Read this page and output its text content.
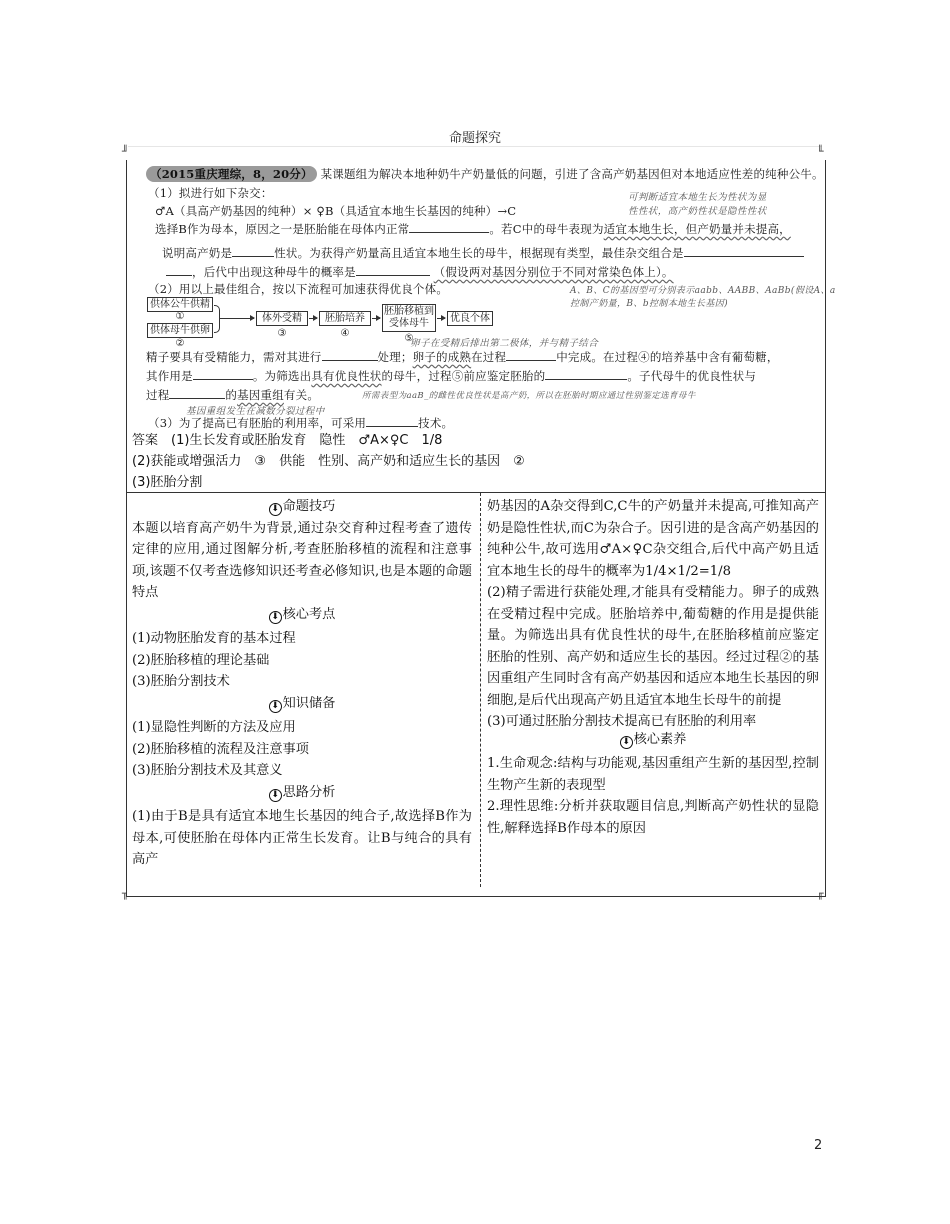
命题探究
╜	╙
╖	╓
（2015重庆理综，8，20分） 某课题组为解决本地种奶牛产奶量低的问题，引进了含高产奶基因但对本地适应性差的纯种公牛。
（1）拟进行如下杂交：
♂A（具高产奶基因的纯种）× ♀B（具适宜本地生长基因的纯种）→C
选择B作为母本，原因之一是胚胎能在母体内正常	。若C中的母牛表现为适宜本地生长，但产奶量并未提高，
说明高产奶是	性状。为获得产奶量高且适宜本地生长的母牛，根据现有类型，最佳杂交组合是
，后代中出现这种母牛的概率是	（假设两对基因分别位于不同对常染色体上）。
（2）用以上最佳组合，按以下流程可加速获得优良个体。
供体公牛供精
①
供体母牛供卵
②
体外受精
③
胚胎培养
④
胚胎移植到
受体母牛
⑤
优良个体
精子要具有受精能力，需对其进行	处理；卵子的成熟在过程	中完成。在过程④的培养基中含有葡萄糖，
其作用是	。为筛选出具有优良性状的母牛，过程⑤前应鉴定胚胎的	。子代母牛的优良性状与
过程	的基因重组有关。
（3）为了提高已有胚胎的利用率，可采用	技术。
可判断适宜本地生长为性状为显
性性状，高产奶性状是隐性性状
A、B、C的基因型可分别表示aabb、AABB、AaBb(假设A、a
控制产奶量，B、b控制本地生长基因)
卵子在受精后排出第二极体，并与精子结合
所需表型为aaB_的雌性优良性状是高产奶，所以在胚胎时期应通过性别鉴定选育母牛
基因重组发生在减数分裂过程中
答案　(1)生长发育或胚胎发育　隐性　♂A×♀C　1/8
(2)获能或增强活力　③　供能　性别、高产奶和适应生长的基因　②
(3)胚胎分割
⬇ 命题技巧

本题以培育高产奶牛为背景,通过杂交育种过程考查了遗传定律的应用,通过图解分析,考查胚胎移植的流程和注意事项,该题不仅考查选修知识还考查必修知识,也是本题的命题特点

⬇ 核心考点

(1)动物胚胎发育的基本过程

(2)胚胎移植的理论基础

(3)胚胎分割技术

⬇ 知识储备

(1)显隐性判断的方法及应用

(2)胚胎移植的流程及注意事项

(3)胚胎分割技术及其意义

⬇ 思路分析

(1)由于B是具有适宜本地生长基因的纯合子,故选择B作为母本,可使胚胎在母体内正常生长发育。让B与纯合的具有高产

奶基因的A杂交得到C,C牛的产奶量并未提高,可推知高产奶是隐性性状,而C为杂合子。因引进的是含高产奶基因的纯种公牛,故可选用♂A×♀C杂交组合,后代中高产奶且适宜本地生长的母牛的概率为1/4×1/2=1/8

(2)精子需进行获能处理,才能具有受精能力。卵子的成熟在受精过程中完成。胚胎培养中,葡萄糖的作用是提供能量。为筛选出具有优良性状的母牛,在胚胎移植前应鉴定胚胎的性别、高产奶和适应生长的基因。经过过程②的基因重组产生同时含有高产奶基因和适应本地生长基因的卵细胞,是后代出现高产奶且适宜本地生长母牛的前提

(3)可通过胚胎分割技术提高已有胚胎的利用率

⬇ 核心素养

1.生命观念:结构与功能观,基因重组产生新的基因型,控制生物产生新的表现型

2.理性思维:分析并获取题目信息,判断高产奶性状的显隐性,解释选择B作母本的原因

2
